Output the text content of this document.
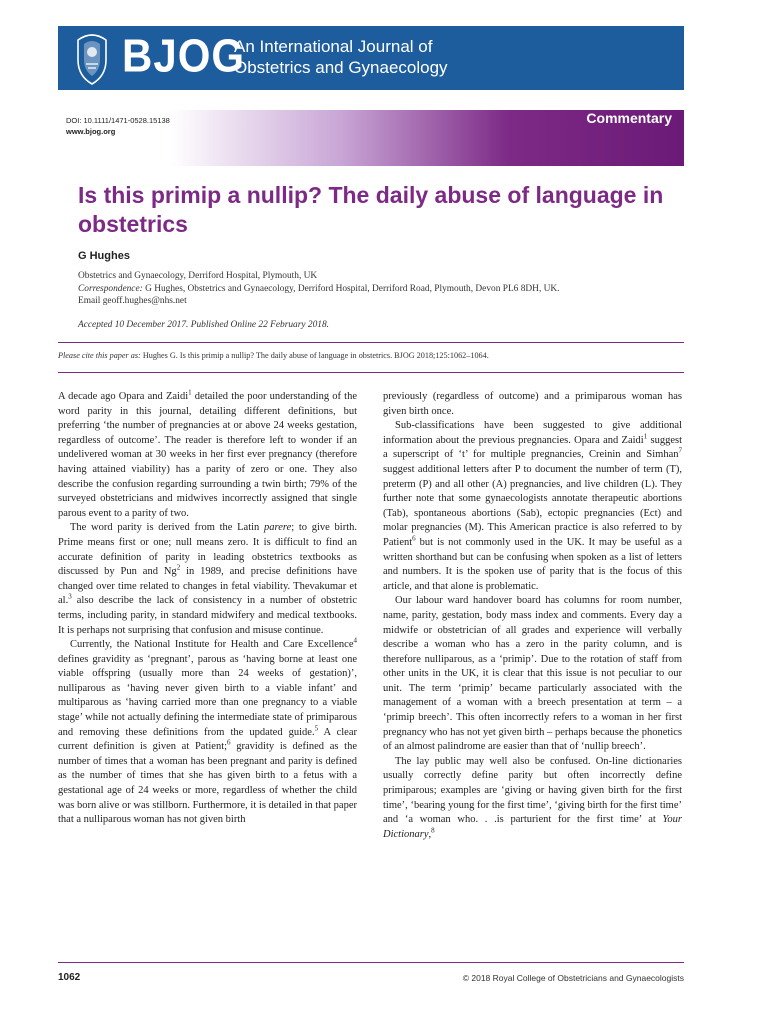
BJOG
An International Journal of
Obstetrics and Gynaecology
DOI: 10.1111/1471-0528.15138
www.bjog.org
Commentary
Is this primip a nullip? The daily abuse of language in obstetrics
G Hughes
Obstetrics and Gynaecology, Derriford Hospital, Plymouth, UK
Correspondence: G Hughes, Obstetrics and Gynaecology, Derriford Hospital, Derriford Road, Plymouth, Devon PL6 8DH, UK.
Email geoff.hughes@nhs.net
Accepted 10 December 2017. Published Online 22 February 2018.
Please cite this paper as: Hughes G. Is this primip a nullip? The daily abuse of language in obstetrics. BJOG 2018;125:1062–1064.

A decade ago Opara and Zaidi$^1$ detailed the poor understanding of the word parity in this journal, detailing different definitions, but preferring ‘the number of pregnancies at or above 24 weeks gestation, regardless of outcome’. The reader is therefore left to wonder if an undelivered woman at 30 weeks in her first ever pregnancy (therefore having attained viability) has a parity of zero or one. They also describe the confusion regarding surrounding a twin birth; 79% of the surveyed obstetricians and midwives incorrectly assigned that single parous event to a parity of two.

The word parity is derived from the Latin parere; to give birth. Prime means first or one; null means zero. It is difficult to find an accurate definition of parity in leading obstetrics textbooks as discussed by Pun and Ng$^2$ in 1989, and precise definitions have changed over time related to changes in fetal viability. Thevakumar et al.$^3$ also describe the lack of consistency in a number of obstetric terms, including parity, in standard midwifery and medical textbooks. It is perhaps not surprising that confusion and misuse continue.

Currently, the National Institute for Health and Care Excellence$^4$ defines gravidity as ‘pregnant’, parous as ‘having borne at least one viable offspring (usually more than 24 weeks of gestation)’, nulliparous as ‘having never given birth to a viable infant’ and multiparous as ‘having carried more than one pregnancy to a viable stage’ while not actually defining the intermediate state of primiparous and removing these definitions from the updated guide.$^5$ A clear current definition is given at Patient;$^6$ gravidity is defined as the number of times that a woman has been pregnant and parity is defined as the number of times that she has given birth to a fetus with a gestational age of 24 weeks or more, regardless of whether the child was born alive or was stillborn. Furthermore, it is detailed in that paper that a nulliparous woman has not given birth

previously (regardless of outcome) and a primiparous woman has given birth once.

Sub-classifications have been suggested to give additional information about the previous pregnancies. Opara and Zaidi$^1$ suggest a superscript of ‘t’ for multiple pregnancies, Creinin and Simhan$^7$ suggest additional letters after P to document the number of term (T), preterm (P) and all other (A) pregnancies, and live children (L). They further note that some gynaecologists annotate therapeutic abortions (Tab), spontaneous abortions (Sab), ectopic pregnancies (Ect) and molar pregnancies (M). This American practice is also referred to by Patient$^6$ but is not commonly used in the UK. It may be useful as a written shorthand but can be confusing when spoken as a list of letters and numbers. It is the spoken use of parity that is the focus of this article, and that alone is problematic.

Our labour ward handover board has columns for room number, name, parity, gestation, body mass index and comments. Every day a midwife or obstetrician of all grades and experience will verbally describe a woman who has a zero in the parity column, and is therefore nulliparous, as a ‘primip’. Due to the rotation of staff from other units in the UK, it is clear that this issue is not peculiar to our unit. The term ‘primip’ became particularly associated with the management of a woman with a breech presentation at term – a ‘primip breech’. This often incorrectly refers to a woman in her first pregnancy who has not yet given birth – perhaps because the phonetics of an almost palindrome are easier than that of ‘nullip breech’.

The lay public may well also be confused. On-line dictionaries usually correctly define parity but often incorrectly define primiparous; examples are ‘giving or having given birth for the first time’, ‘bearing young for the first time’, ‘giving birth for the first time’ and ‘a woman who. . .is parturient for the first time’ at Your Dictionary,$^8$

1062	© 2018 Royal College of Obstetricians and Gynaecologists
